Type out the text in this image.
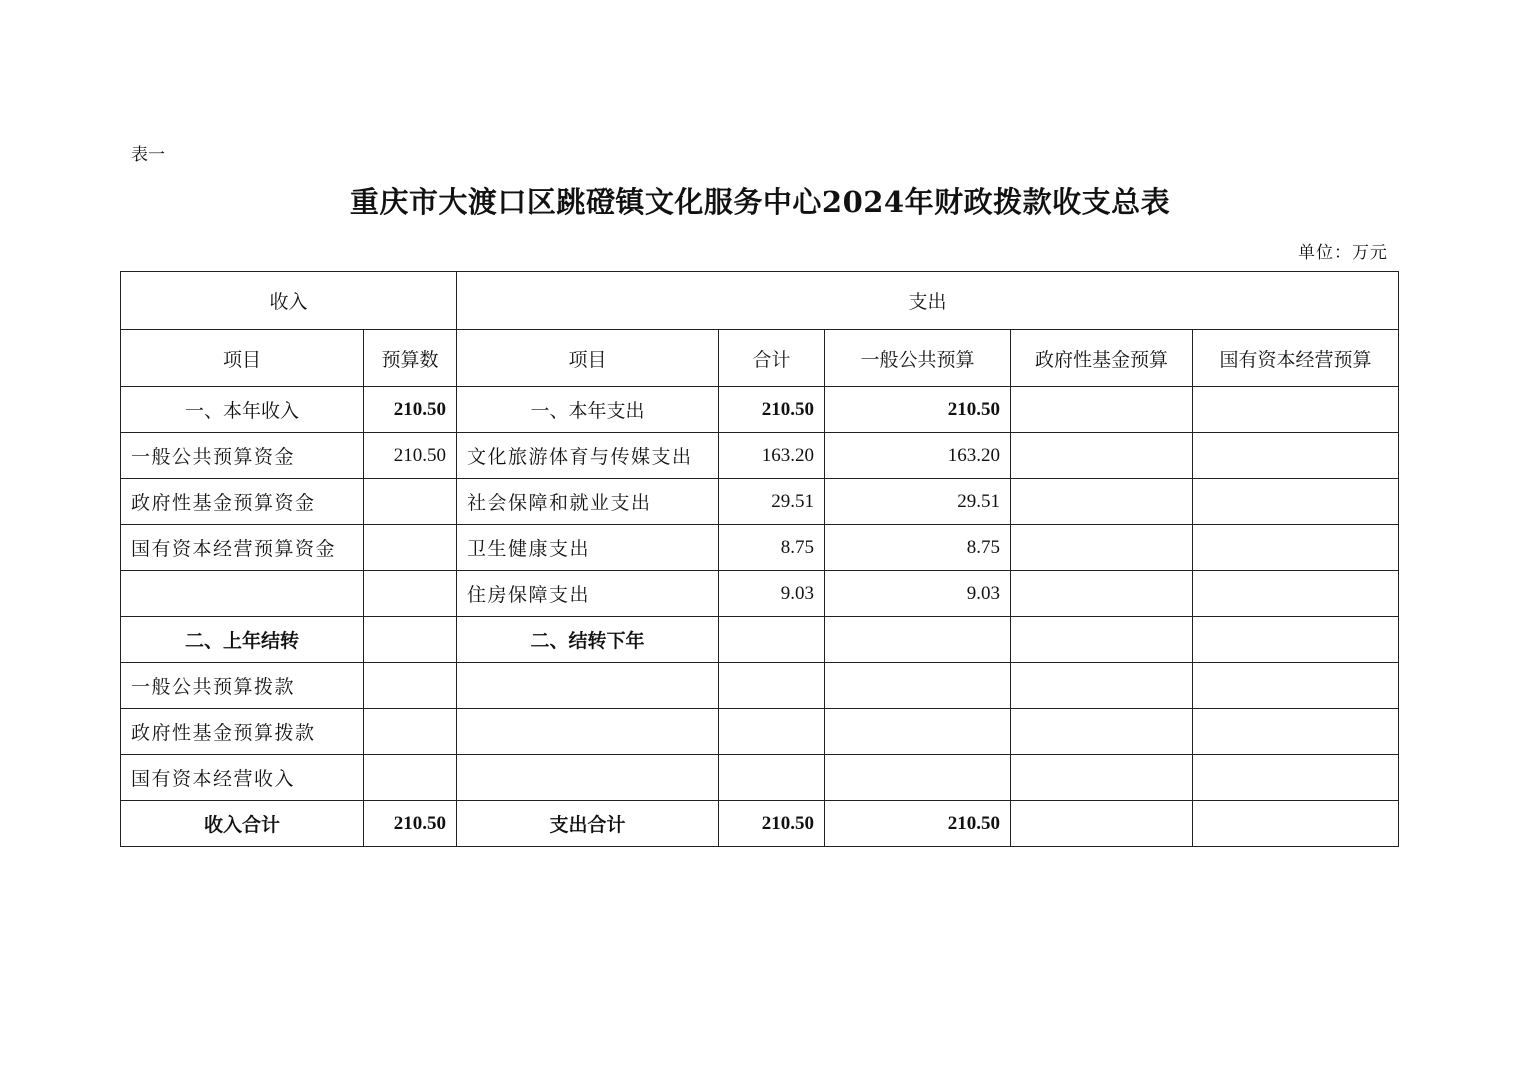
表一
重庆市大渡口区跳磴镇文化服务中心2024年财政拨款收支总表
单位：万元
收入		支出				
项目	预算数	项目	合计	一般公共预算	政府性基金预算	国有资本经营预算
一、本年收入	210.50	一、本年支出	210.50	210.50		
一般公共预算资金	210.50	文化旅游体育与传媒支出	163.20	163.20		
政府性基金预算资金		社会保障和就业支出	29.51	29.51		
国有资本经营预算资金		卫生健康支出	8.75	8.75		
		住房保障支出	9.03	9.03		
二、上年结转		二、结转下年				
一般公共预算拨款						
政府性基金预算拨款						
国有资本经营收入						
收入合计	210.50	支出合计	210.50	210.50		
